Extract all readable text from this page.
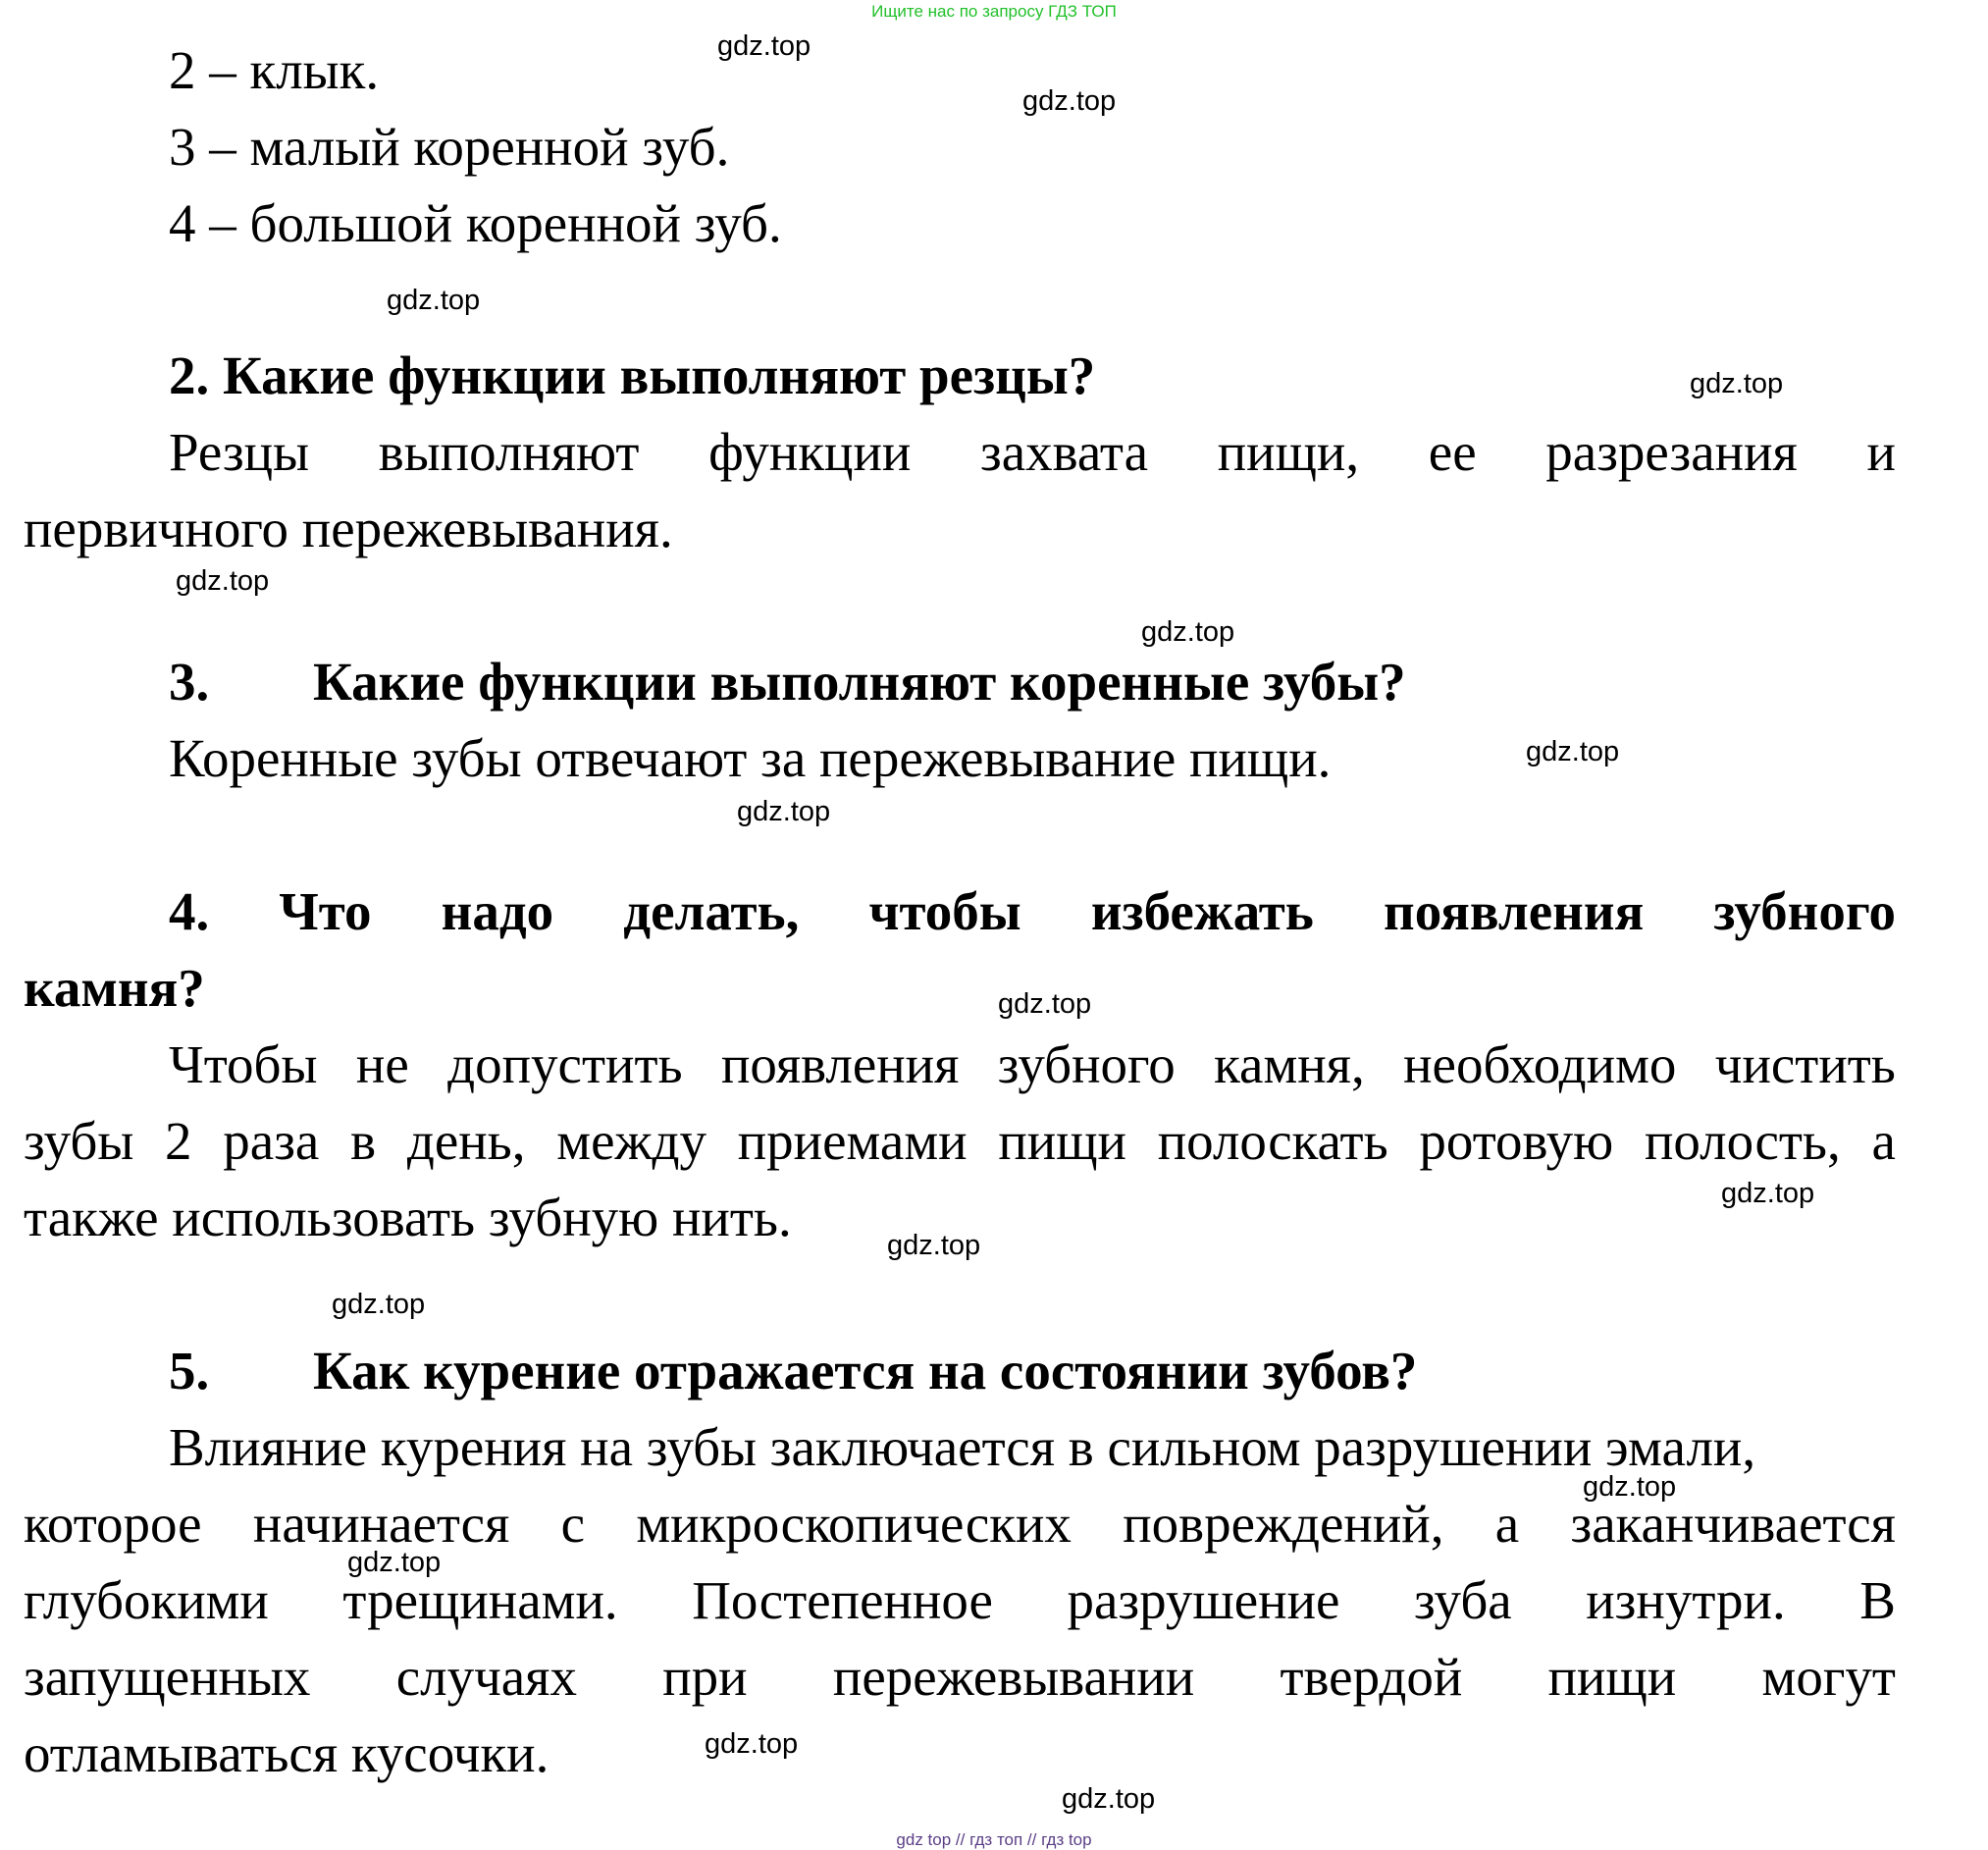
Ищите нас по запросу ГДЗ ТОП
2 – клык.
3 – малый коренной зуб.
4 – большой коренной зуб.
2. Какие функции выполняют резцы?
Резцы выполняют функции захвата пищи, ее разрезания и
первичного пережевывания.
3. Какие функции выполняют коренные зубы?
Коренные зубы отвечают за пережевывание пищи.
4. Что надо делать, чтобы избежать появления зубного
камня?
Чтобы не допустить появления зубного камня, необходимо чистить
зубы 2 раза в день, между приемами пищи полоскать ротовую полость, а
также использовать зубную нить.
5. Как курение отражается на состоянии зубов?
Влияние курения на зубы заключается в сильном разрушении эмали,
которое начинается с микроскопических повреждений, а заканчивается
глубокими трещинами. Постепенное разрушение зуба изнутри. В
запущенных случаях при пережевывании твердой пищи могут
отламываться кусочки.
gdz.top
gdz.top
gdz.top
gdz.top
gdz.top
gdz.top
gdz.top
gdz.top
gdz.top
gdz.top
gdz.top
gdz.top
gdz.top
gdz.top
gdz.top
gdz.top
gdz top // гдз топ // гдз top
